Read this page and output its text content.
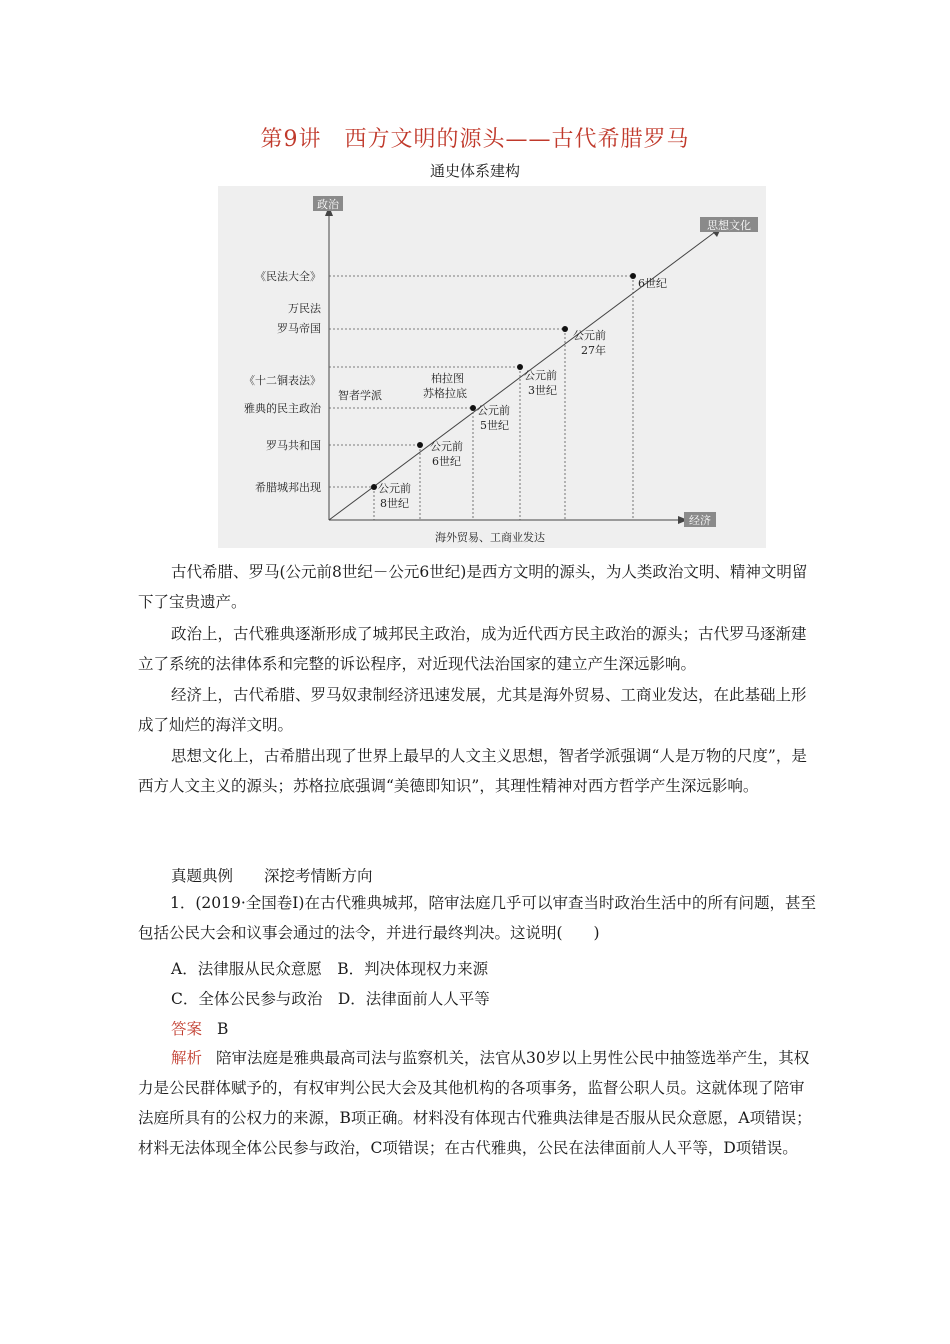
第9讲　西方文明的源头——古代希腊罗马
通史体系建构
政治
经济
思想文化
《民法大全》
万民法
罗马帝国
《十二铜表法》
雅典的民主政治
罗马共和国
希腊城邦出现
智者学派
柏拉图
苏格拉底
公元前
8世纪
公元前
6世纪
公元前
5世纪
公元前
3世纪
公元前
27年
6世纪
海外贸易、工商业发达
古代希腊、罗马(公元前8世纪－公元6世纪)是西方文明的源头，为人类政治文明、精神文明留下了宝贵遗产。
政治上，古代雅典逐渐形成了城邦民主政治，成为近代西方民主政治的源头；古代罗马逐渐建立了系统的法律体系和完整的诉讼程序，对近现代法治国家的建立产生深远影响。
经济上，古代希腊、罗马奴隶制经济迅速发展，尤其是海外贸易、工商业发达，在此基础上形成了灿烂的海洋文明。
思想文化上，古希腊出现了世界上最早的人文主义思想，智者学派强调“人是万物的尺度”，是西方人文主义的源头；苏格拉底强调“美德即知识”，其理性精神对西方哲学产生深远影响。
真题典例　　深挖考情断方向
1．(2019·全国卷Ⅰ)在古代雅典城邦，陪审法庭几乎可以审查当时政治生活中的所有问题，甚至包括公民大会和议事会通过的法令，并进行最终判决。这说明(　　)
A．法律服从民众意愿　B．判决体现权力来源
C．全体公民参与政治　D．法律面前人人平等
答案 B
解析 陪审法庭是雅典最高司法与监察机关，法官从30岁以上男性公民中抽签选举产生，其权力是公民群体赋予的，有权审判公民大会及其他机构的各项事务，监督公职人员。这就体现了陪审法庭所具有的公权力的来源，B项正确。材料没有体现古代雅典法律是否服从民众意愿，A项错误；材料无法体现全体公民参与政治，C项错误；在古代雅典，公民在法律面前人人平等，D项错误。
